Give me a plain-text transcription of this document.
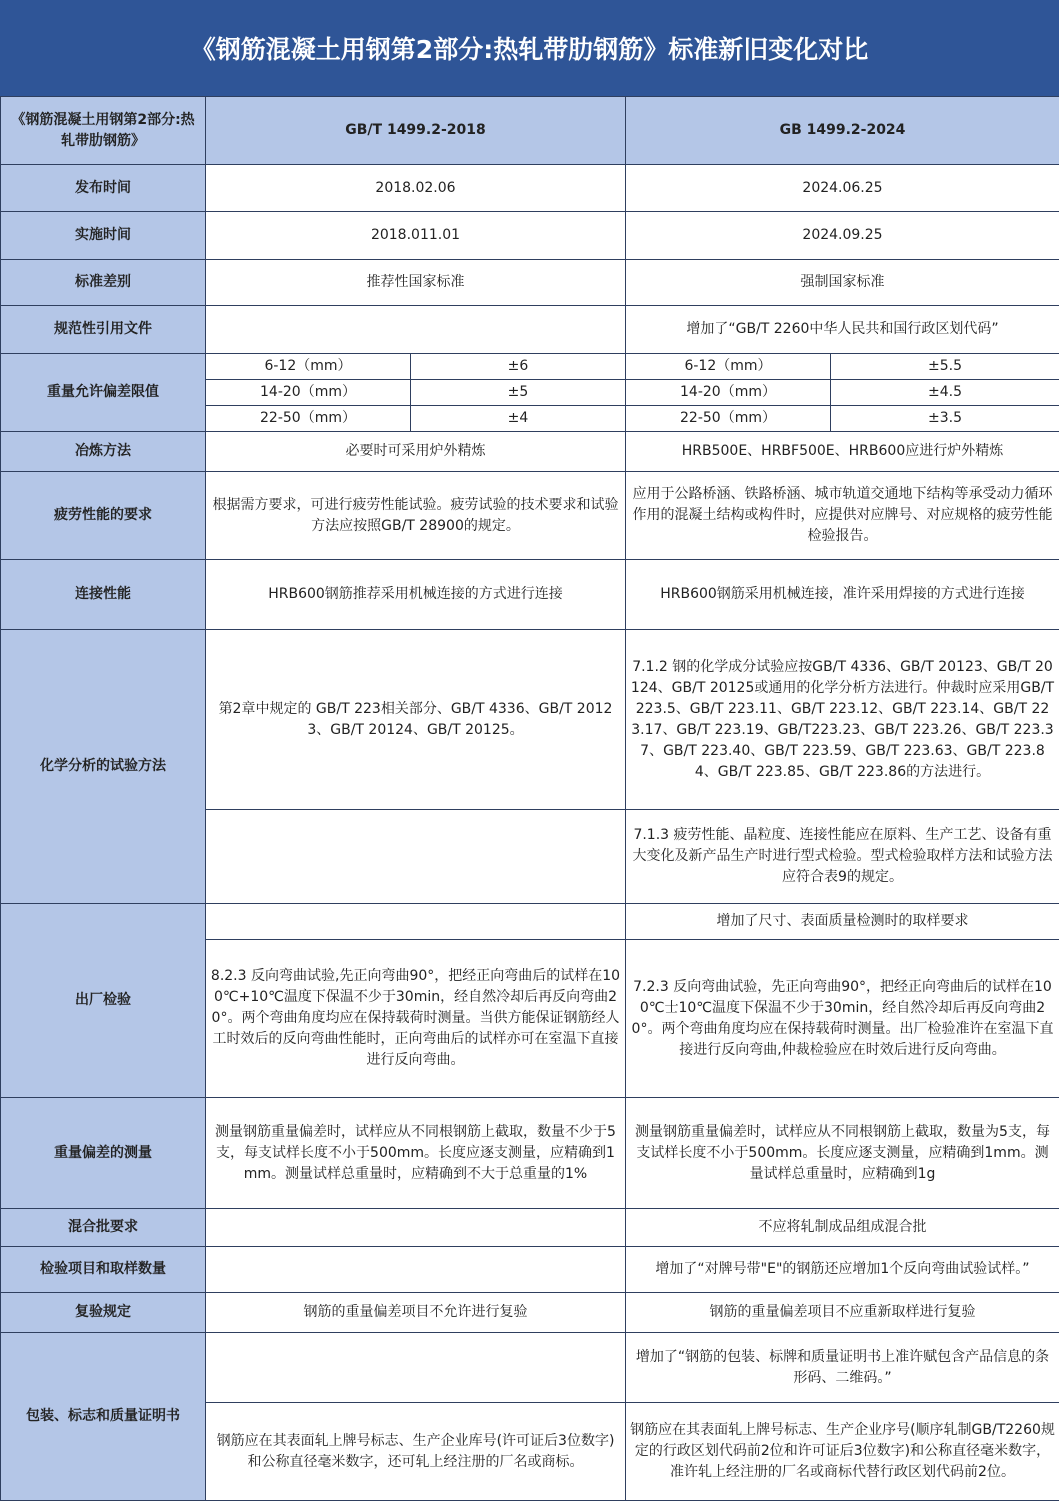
《钢筋混凝土用钢第2部分:热轧带肋钢筋》标准新旧变化对比
《钢筋混凝土用钢第2部分:热轧带肋钢筋》	GB/T 1499.2-2018		GB 1499.2-2024	
发布时间	2018.02.06		2024.06.25	
实施时间	2018.011.01		2024.09.25	
标准差别	推荐性国家标准		强制国家标准	
规范性引用文件			增加了“GB/T 2260中华人民共和国行政区划代码”	
重量允许偏差限值	6-12（mm）	±6	6-12（mm）	±5.5
	14-20（mm）	±5	14-20（mm）	±4.5
	22-50（mm）	±4	22-50（mm）	±3.5
冶炼方法	必要时可采用炉外精炼		HRB500E、HRBF500E、HRB600应进行炉外精炼	
疲劳性能的要求	根据需方要求，可进行疲劳性能试验。疲劳试验的技术要求和试验方法应按照GB/T 28900的规定。		应用于公路桥涵、铁路桥涵、城市轨道交通地下结构等承受动力循环作用的混凝土结构或构件时，应提供对应牌号、对应规格的疲劳性能检验报告。	
连接性能	HRB600钢筋推荐采用机械连接的方式进行连接		HRB600钢筋采用机械连接，准许采用焊接的方式进行连接	
化学分析的试验方法	第2章中规定的 GB/T 223相关部分、GB/T 4336、GB/T 20123、GB/T 20124、GB/T 20125。		7.1.2 钢的化学成分试验应按GB/T 4336、GB/T 20123、GB/T 20124、GB/T 20125或通用的化学分析方法进行。仲裁时应采用GB/T 223.5、GB/T 223.11、GB/T 223.12、GB/T 223.14、GB/T 223.17、GB/T 223.19、GB/T223.23、GB/T 223.26、GB/T 223.37、GB/T 223.40、GB/T 223.59、GB/T 223.63、GB/T 223.84、GB/T 223.85、GB/T 223.86的方法进行。	
			7.1.3 疲劳性能、晶粒度、连接性能应在原料、生产工艺、设备有重大变化及新产品生产时进行型式检验。型式检验取样方法和试验方法应符合表9的规定。	
出厂检验			增加了尺寸、表面质量检测时的取样要求	
	8.2.3 反向弯曲试验,先正向弯曲90°，把经正向弯曲后的试样在100℃+10℃温度下保温不少于30min，经自然冷却后再反向弯曲20°。两个弯曲角度均应在保持载荷时测量。当供方能保证钢筋经人工时效后的反向弯曲性能时，正向弯曲后的试样亦可在室温下直接进行反向弯曲。		7.2.3 反向弯曲试验，先正向弯曲90°，把经正向弯曲后的试样在100℃士10℃温度下保温不少于30min，经自然冷却后再反向弯曲20°。两个弯曲角度均应在保持载荷时测量。出厂检验准许在室温下直接进行反向弯曲,仲裁检验应在时效后进行反向弯曲。	
重量偏差的测量	测量钢筋重量偏差时，试样应从不同根钢筋上截取，数量不少于5支，每支试样长度不小于500mm。长度应逐支测量，应精确到1mm。测量试样总重量时，应精确到不大于总重量的1%		测量钢筋重量偏差时，试样应从不同根钢筋上截取，数量为5支，每支试样长度不小于500mm。长度应逐支测量，应精确到1mm。测量试样总重量时，应精确到1g	
混合批要求			不应将轧制成品组成混合批	
检验项目和取样数量			增加了“对牌号带"E"的钢筋还应增加1个反向弯曲试验试样。”	
复验规定	钢筋的重量偏差项目不允许进行复验		钢筋的重量偏差项目不应重新取样进行复验	
包装、标志和质量证明书			增加了“钢筋的包装、标牌和质量证明书上准许赋包含产品信息的条形码、二维码。”	
	钢筋应在其表面轧上牌号标志、生产企业库号(许可证后3位数字)和公称直径毫米数字，还可轧上经注册的厂名或商标。		钢筋应在其表面轧上牌号标志、生产企业序号(顺序轧制GB/T2260规定的行政区划代码前2位和许可证后3位数字)和公称直径毫米数字，准许轧上经注册的厂名或商标代替行政区划代码前2位。	
